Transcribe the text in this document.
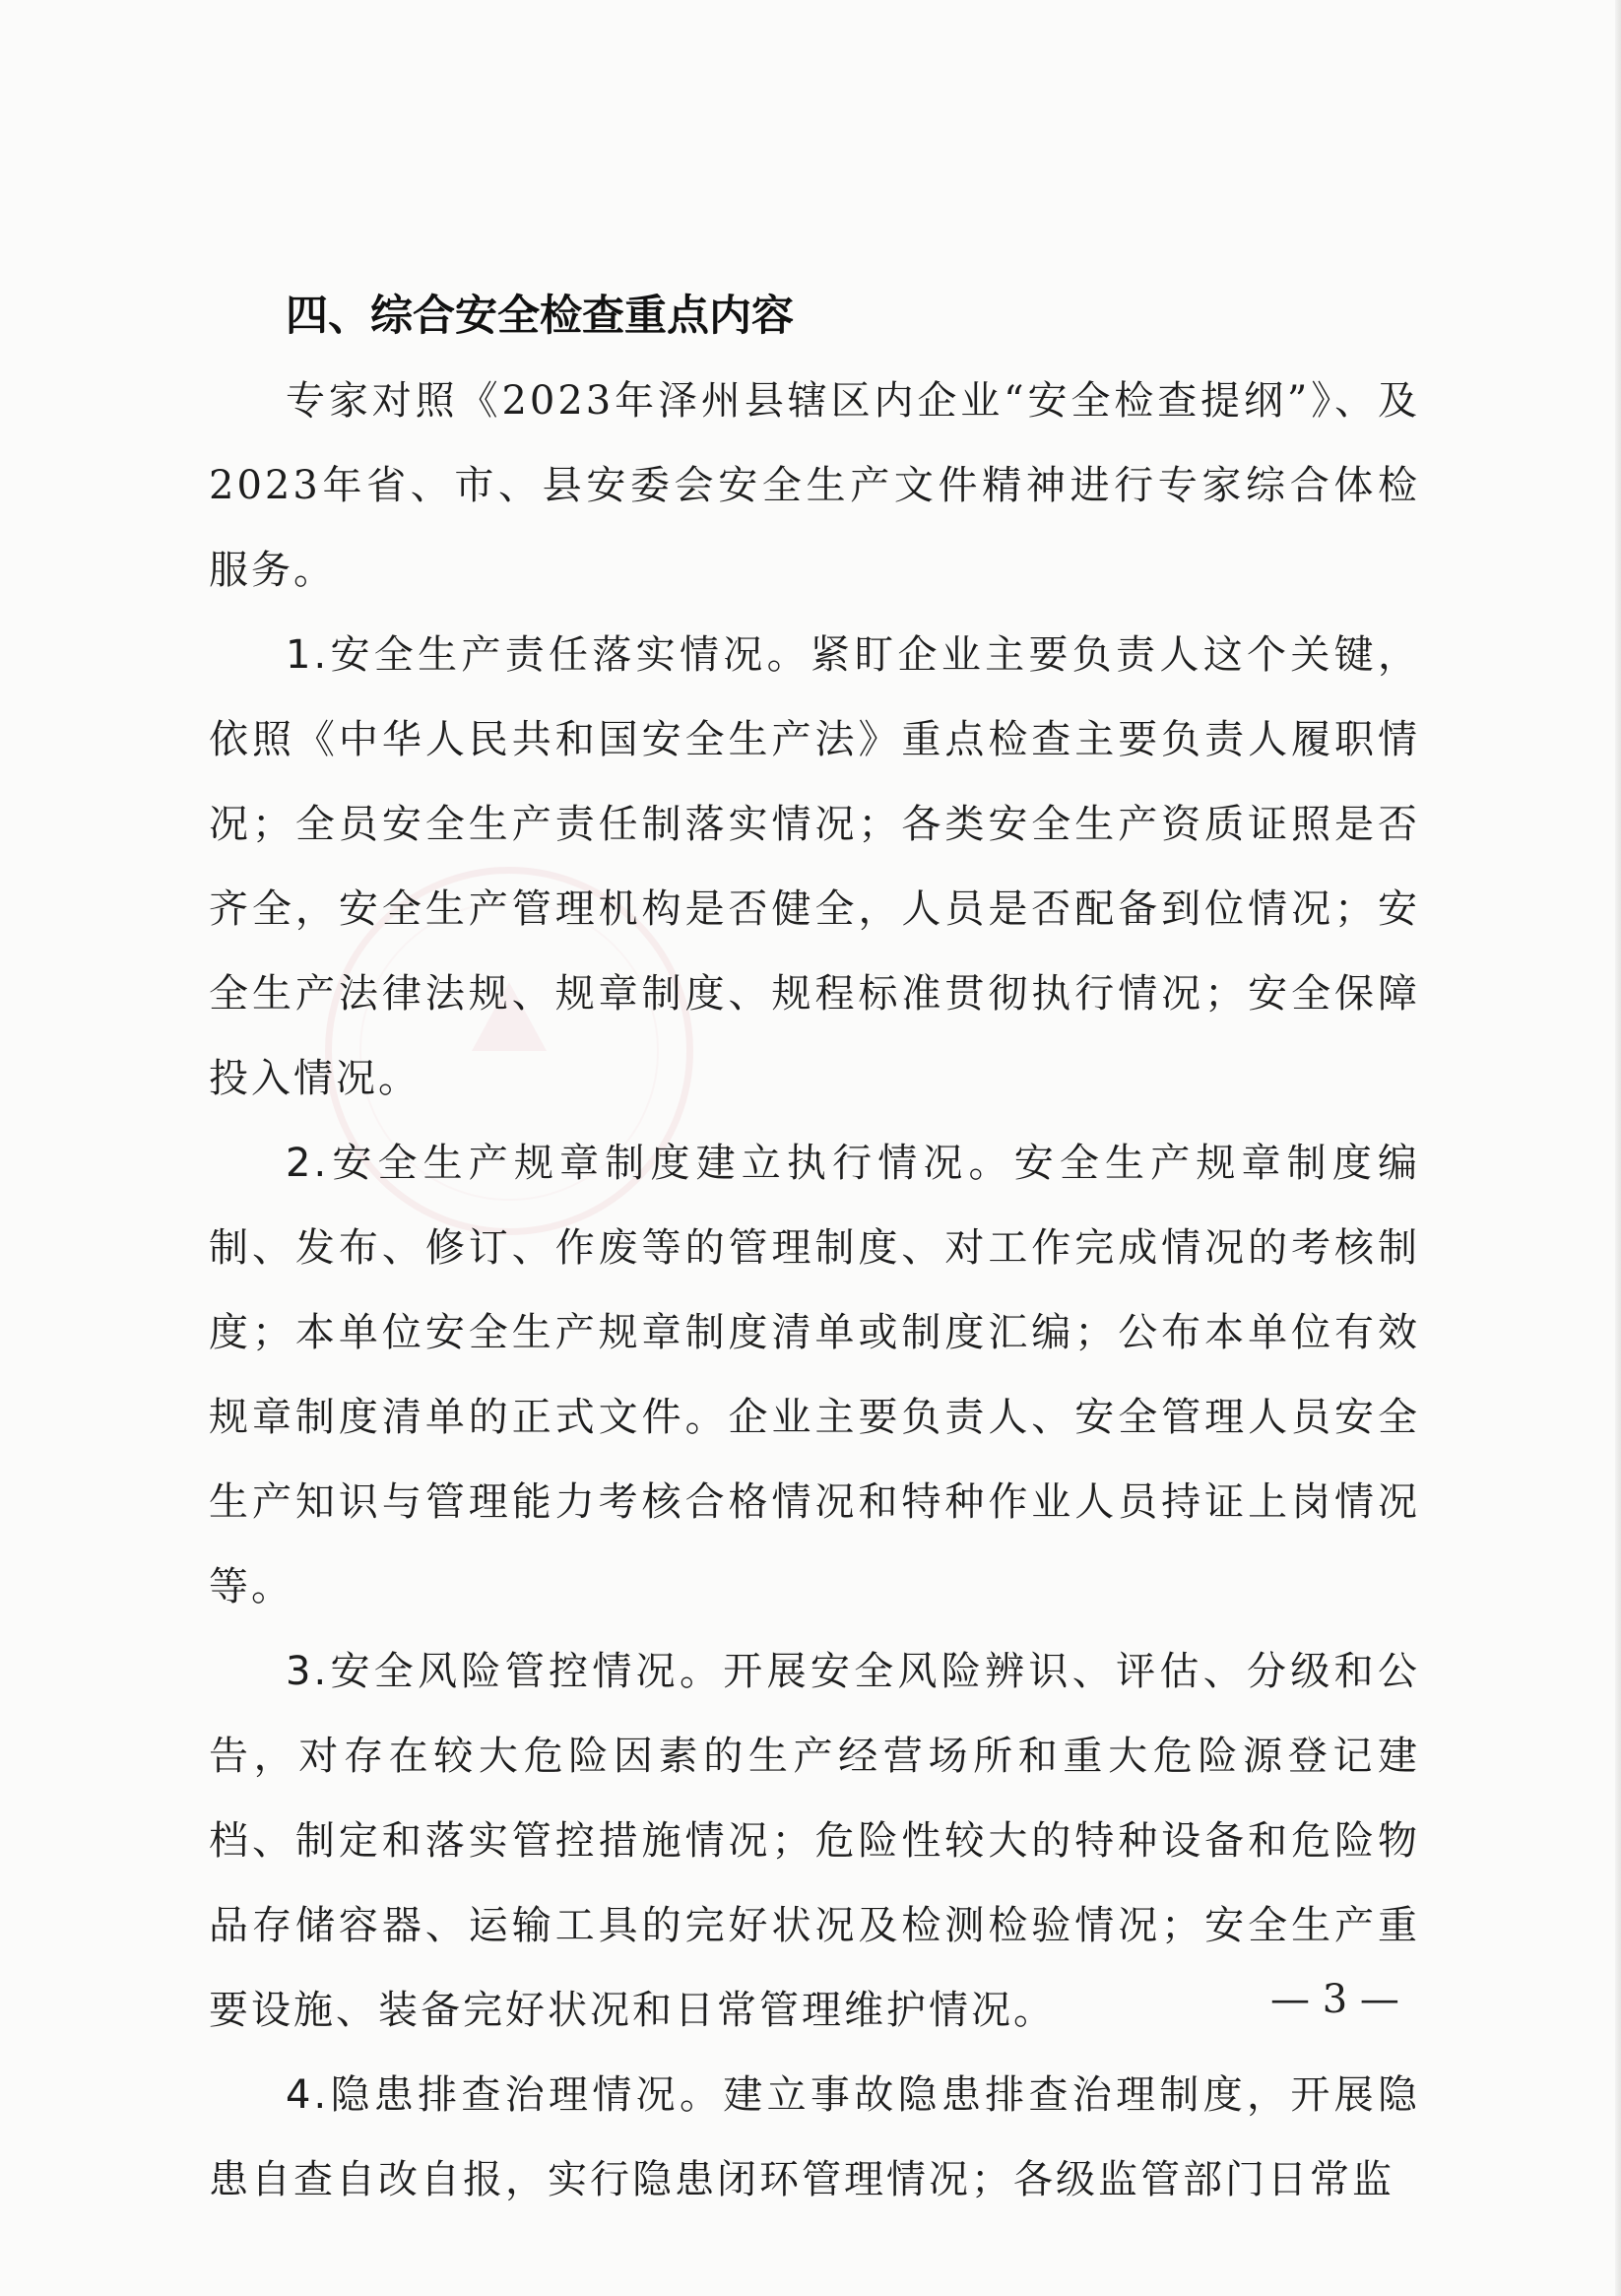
四、综合安全检查重点内容

专家对照《2023年泽州县辖区内企业“安全检查提纲”》、及2023年省、市、县安委会安全生产文件精神进行专家综合体检服务。

1.安全生产责任落实情况。紧盯企业主要负责人这个关键，依照《中华人民共和国安全生产法》重点检查主要负责人履职情况；全员安全生产责任制落实情况；各类安全生产资质证照是否齐全，安全生产管理机构是否健全，人员是否配备到位情况；安全生产法律法规、规章制度、规程标准贯彻执行情况；安全保障投入情况。

2.安全生产规章制度建立执行情况。安全生产规章制度编制、发布、修订、作废等的管理制度、对工作完成情况的考核制度；本单位安全生产规章制度清单或制度汇编；公布本单位有效规章制度清单的正式文件。企业主要负责人、安全管理人员安全生产知识与管理能力考核合格情况和特种作业人员持证上岗情况等。

3.安全风险管控情况。开展安全风险辨识、评估、分级和公告，对存在较大危险因素的生产经营场所和重大危险源登记建档、制定和落实管控措施情况；危险性较大的特种设备和危险物品存储容器、运输工具的完好状况及检测检验情况；安全生产重要设施、装备完好状况和日常管理维护情况。

4.隐患排查治理情况。建立事故隐患排查治理制度，开展隐患自查自改自报，实行隐患闭环管理情况；各级监管部门日常监

— 3 —
